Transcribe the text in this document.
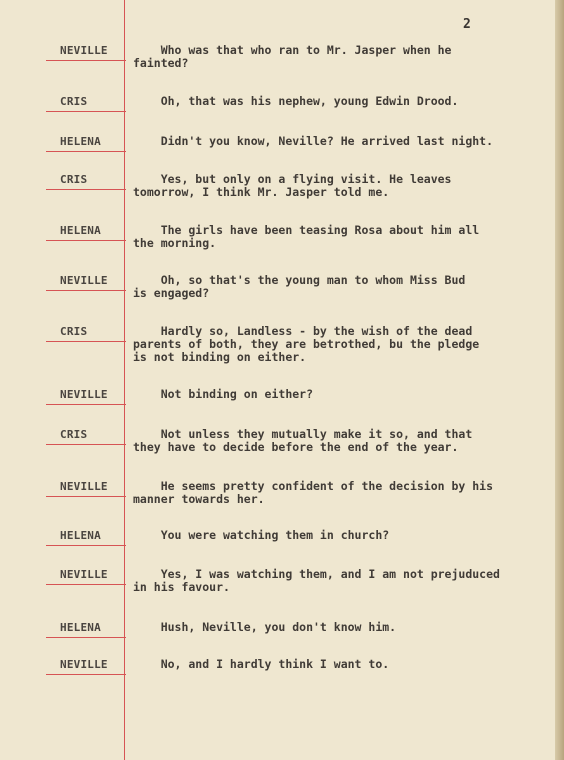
2
NEVILLE	Who was that who ran to Mr. Jasper when he
fainted?
CRIS	Oh, that was his nephew, young Edwin Drood.
HELENA	Didn't you know, Neville? He arrived last night.
CRIS	Yes, but only on a flying visit. He leaves
tomorrow, I think Mr. Jasper told me.
HELENA	The girls have been teasing Rosa about him all
the morning.
NEVILLE	Oh, so that's the young man to whom Miss Bud
is engaged?
CRIS	Hardly so, Landless - by the wish of the dead
parents of both, they are betrothed, bu the pledge
is not binding on either.
NEVILLE Not binding on either?
CRIS	Not unless they mutually make it so, and that
they have to decide before the end of the year.
NEVILLE	He seems pretty confident of the decision by his
manner towards her.
HELENA	You were watching them in church?
NEVILLE	Yes, I was watching them, and I am not prejuduced
in his favour.
HELENA	Hush, Neville, you don't know him.
NEVILLE No, and I hardly think I want to.
